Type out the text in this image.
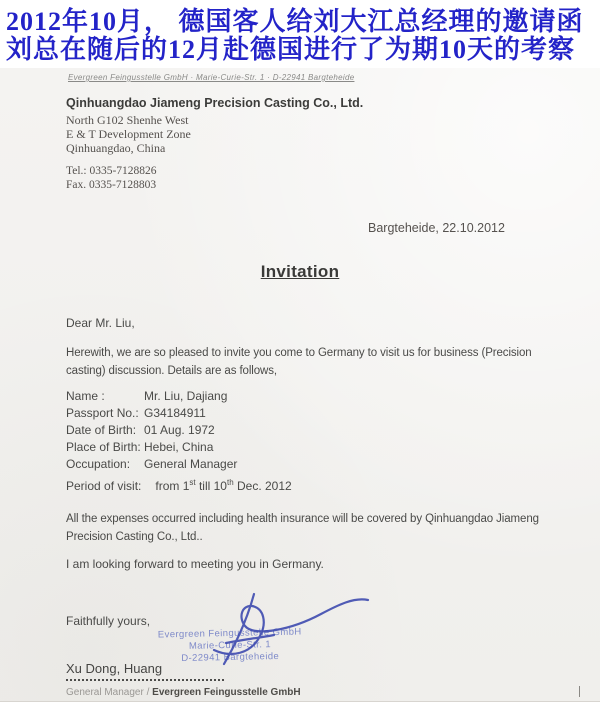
2012年10月， 德国客人给刘大江总经理的邀请函
刘总在随后的12月赴德国进行了为期10天的考察
Evergreen Feingusstelle GmbH · Marie-Curie-Str. 1 · D-22941 Bargteheide
Qinhuangdao Jiameng Precision Casting Co., Ltd.
North G102 Shenhe West
E & T Development Zone
Qinhuangdao, China
Tel.: 0335-7128826
Fax. 0335-7128803
Bargteheide, 22.10.2012
Invitation
Dear Mr. Liu,
Herewith, we are so pleased to invite you come to Germany to visit us for business (Precision casting) discussion. Details are as follows,
Name :	Mr. Liu, Dajiang
Passport No.: G34184911
Date of Birth: 01 Aug. 1972
Place of Birth: Hebei, China
Occupation:	General Manager
Period of visit: from 1st till 10th Dec. 2012
All the expenses occurred including health insurance will be covered by Qinhuangdao Jiameng Precision Casting Co., Ltd..
I am looking forward to meeting you in Germany.
Faithfully yours,
Evergreen Feingusstelle GmbH
Marie-Curie-Str. 1
D-22941 Bargteheide
Xu Dong, Huang
General Manager / Evergreen Feingusstelle GmbH
